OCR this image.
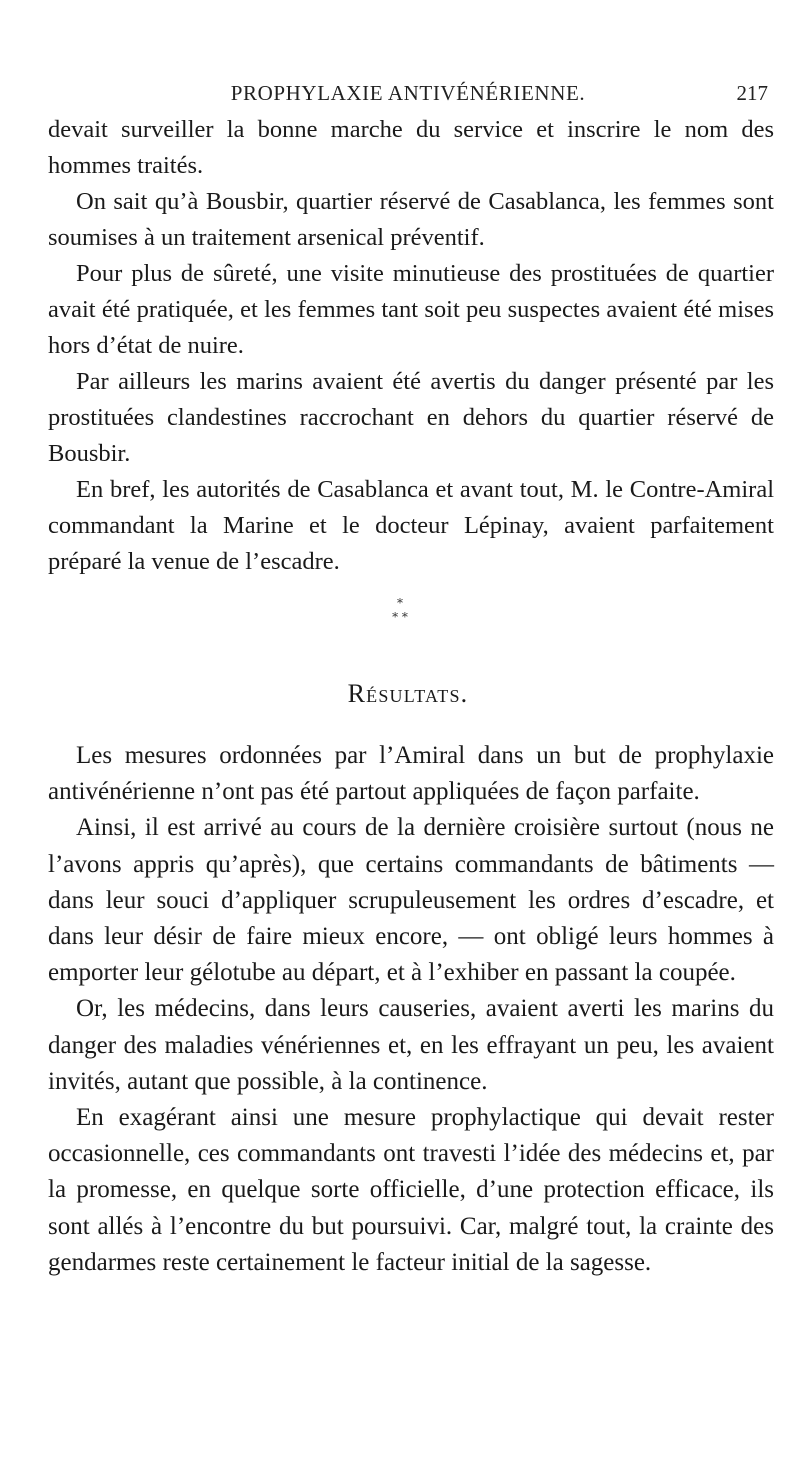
PROPHYLAXIE ANTIVÉNÉRIENNE.	217

devait surveiller la bonne marche du service et inscrire le nom des hommes traités.

On sait qu’à Bousbir, quartier réservé de Casablanca, les femmes sont soumises à un traitement arsenical préventif.

Pour plus de sûreté, une visite minutieuse des prostituées de quartier avait été pratiquée, et les femmes tant soit peu suspectes avaient été mises hors d’état de nuire.

Par ailleurs les marins avaient été avertis du danger présenté par les prostituées clandestines raccrochant en dehors du quartier réservé de Bousbir.

En bref, les autorités de Casablanca et avant tout, M. le Contre-Amiral commandant la Marine et le docteur Lépinay, avaient parfaitement préparé la venue de l’escadre.

*
* *
Résultats.

Les mesures ordonnées par l’Amiral dans un but de prophylaxie antivénérienne n’ont pas été partout appliquées de façon parfaite.

Ainsi, il est arrivé au cours de la dernière croisière surtout (nous ne l’avons appris qu’après), que certains commandants de bâtiments — dans leur souci d’appliquer scrupuleusement les ordres d’escadre, et dans leur désir de faire mieux encore, — ont obligé leurs hommes à emporter leur gélotube au départ, et à l’exhiber en passant la coupée.

Or, les médecins, dans leurs causeries, avaient averti les marins du danger des maladies vénériennes et, en les effrayant un peu, les avaient invités, autant que possible, à la continence.

En exagérant ainsi une mesure prophylactique qui devait rester occasionnelle, ces commandants ont travesti l’idée des médecins et, par la promesse, en quelque sorte officielle, d’une protection efficace, ils sont allés à l’encontre du but poursuivi. Car, malgré tout, la crainte des gendarmes reste certainement le facteur initial de la sagesse.
